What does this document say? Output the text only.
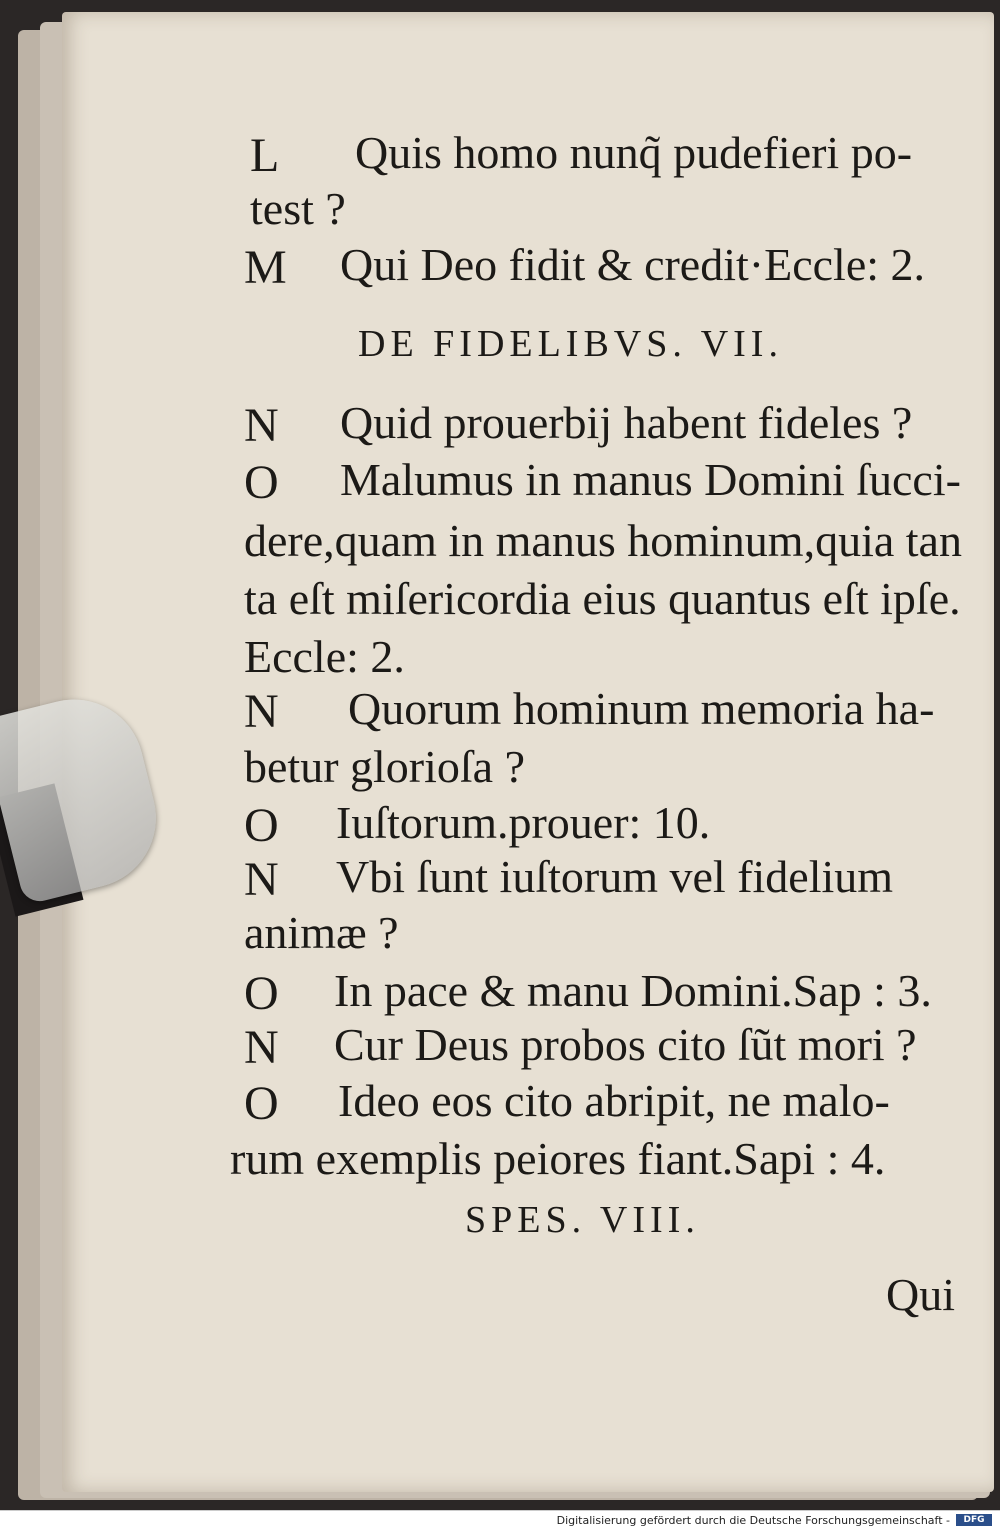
L Quis homo nunq̃ pudefieri po-
test ?
M Qui Deo fidit & credit·Eccle: 2.
DE FIDELIBVS. VII.
N Quid prouerbij habent fideles ?
O Malumus in manus Domini ſucci-
dere,quam in manus hominum,quia tan
ta eſt miſericordia eius quantus eſt ipſe.
Eccle: 2.
N Quorum hominum memoria ha-
betur glorioſa ?
O Iuſtorum.prouer: 10.
N Vbi ſunt iuſtorum vel fidelium
animæ ?
O In pace & manu Domini.Sap : 3.
N Cur Deus probos cito ſũt mori ?
O Ideo eos cito abripit, ne malo-
rum exemplis peiores fiant.Sapi : 4.
SPES. VIII.
Qui
Digitalisierung gefördert durch die Deutsche Forschungsgemeinschaft -	DFG
